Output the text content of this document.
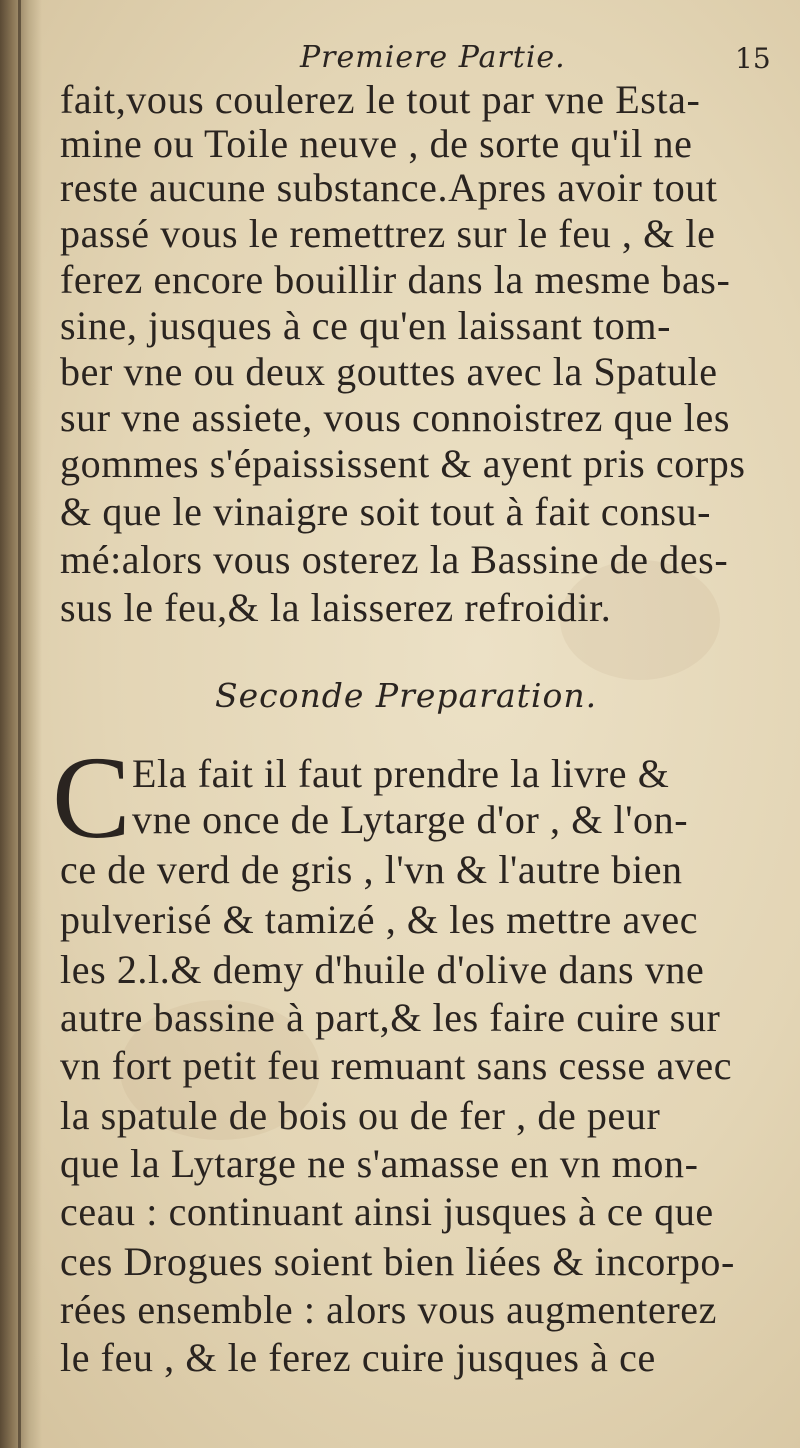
Premiere Partie.	15
fait,vous coulerez le tout par vne Esta-
mine ou Toile neuve , de sorte qu'il ne
reste aucune substance.Apres avoir tout
passé vous le remettrez sur le feu , & le
ferez encore bouillir dans la mesme bas-
sine, jusques à ce qu'en laissant tom-
ber vne ou deux gouttes avec la Spatule
sur vne assiete, vous connoistrez que les
gommes s'épaississent & ayent pris corps
& que le vinaigre soit tout à fait consu-
mé:alors vous osterez la Bassine de des-
sus le feu,& la laisserez refroidir.
Seconde Preparation.
C Ela fait il faut prendre la livre &
vne once de Lytarge d'or , & l'on-
ce de verd de gris , l'vn & l'autre bien
pulverisé & tamizé , & les mettre avec
les 2.l.& demy d'huile d'olive dans vne
autre bassine à part,& les faire cuire sur
vn fort petit feu remuant sans cesse avec
la spatule de bois ou de fer , de peur
que la Lytarge ne s'amasse en vn mon-
ceau : continuant ainsi jusques à ce que
ces Drogues soient bien liées & incorpo-
rées ensemble : alors vous augmenterez
le feu , & le ferez cuire jusques à ce
